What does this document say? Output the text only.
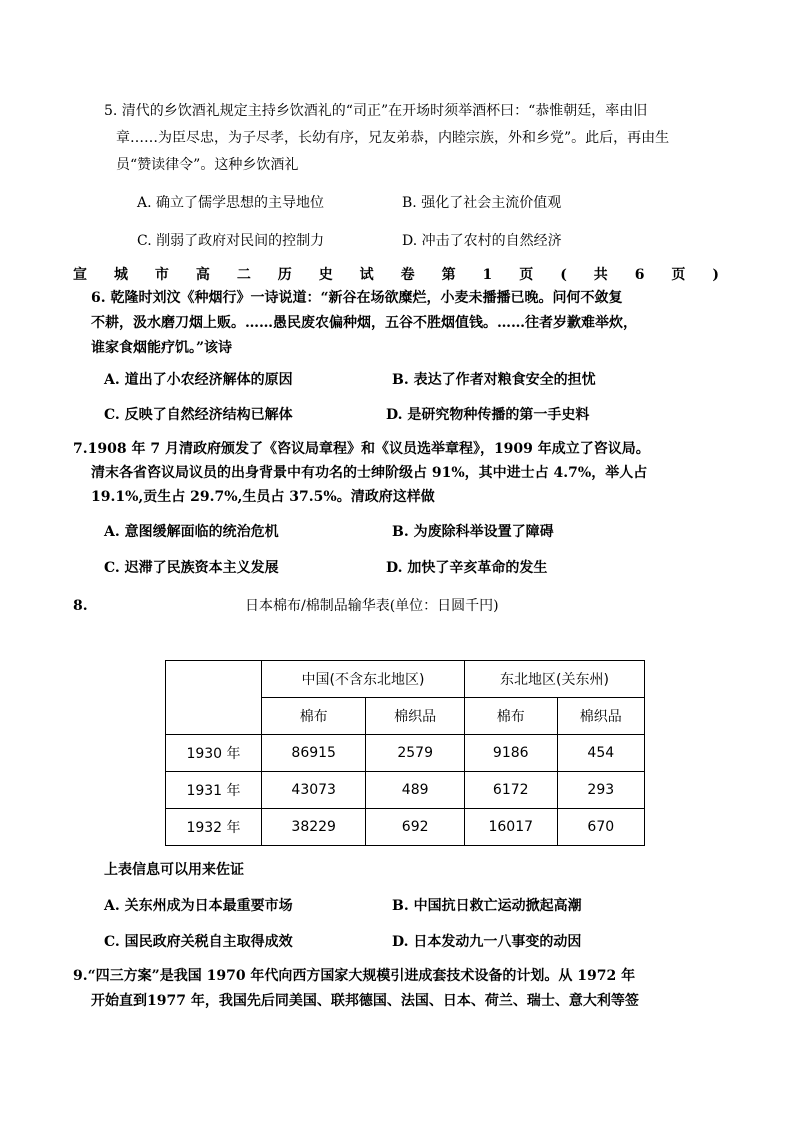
5. 清代的乡饮酒礼规定主持乡饮酒礼的“司正”在开场时须举酒杯曰：“恭惟朝廷，率由旧
章……为臣尽忠，为子尽孝，长幼有序，兄友弟恭，内睦宗族，外和乡党”。此后，再由生
员“赞读律令”。这种乡饮酒礼
A. 确立了儒学思想的主导地位	B. 强化了社会主流价值观
C. 削弱了政府对民间的控制力	D. 冲击了农村的自然经济
宣 城 市 高 二 历 史 试 卷 第 1 页 ( 共 6 页 )
6. 乾隆时刘汶《种烟行》一诗说道：“新谷在场欲糜烂，小麦未播播已晚。问何不敛复
不耕，汲水磨刀烟上贩。……愚民废农偏种烟，五谷不胜烟值钱。……往者岁歉难举炊，
谁家食烟能疗饥。”该诗
A. 道出了小农经济解体的原因	B. 表达了作者对粮食安全的担忧
C. 反映了自然经济结构已解体	D. 是研究物种传播的第一手史料
7.1908 年 7 月清政府颁发了《咨议局章程》和《议员选举章程》，1909 年成立了咨议局。
清末各省咨议局议员的出身背景中有功名的士绅阶级占 91%，其中进士占 4.7%，举人占
19.1%,贡生占 29.7%,生员占 37.5%。清政府这样做
A. 意图缓解面临的统治危机	B. 为废除科举设置了障碍
C. 迟滞了民族资本主义发展	D. 加快了辛亥革命的发生
8.	日本棉布/棉制品输华表(单位：日圆千円)
	中国(不含东北地区)		东北地区(关东州)	
	棉布	棉织品	棉布	棉织品
1930 年	86915	2579	9186	454
1931 年	43073	489	6172	293
1932 年	38229	692	16017	670
上表信息可以用来佐证
A. 关东州成为日本最重要市场	B. 中国抗日救亡运动掀起高潮
C. 国民政府关税自主取得成效	D. 日本发动九一八事变的动因
9.“四三方案”是我国 1970 年代向西方国家大规模引进成套技术设备的计划。从 1972 年
开始直到1977 年，我国先后同美国、联邦德国、法国、日本、荷兰、瑞士、意大利等签
